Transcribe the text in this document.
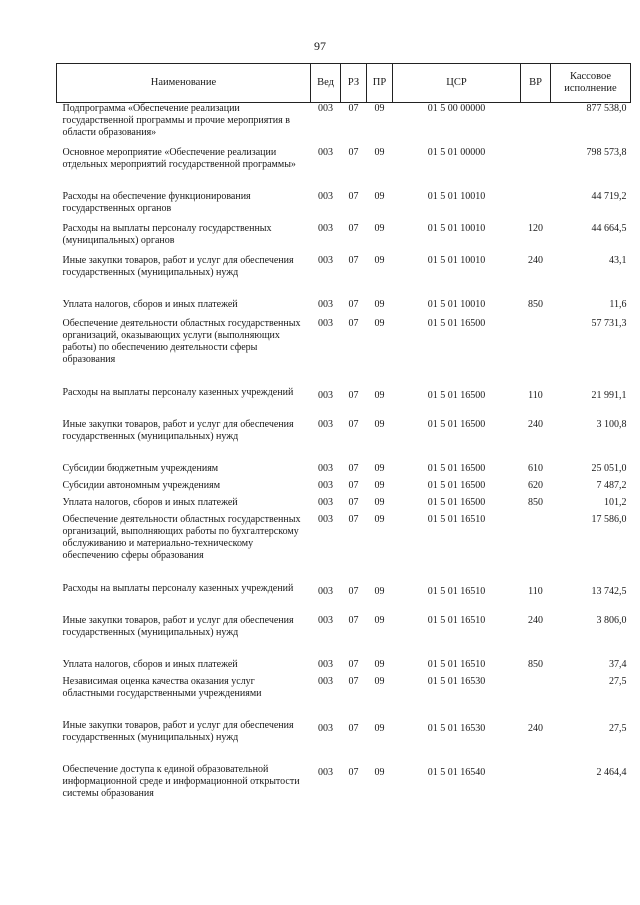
97
Наименование	Вед	РЗ	ПР	ЦСР	ВР	Кассовое исполнение
Подпрограмма «Обеспечение реализации государственной программы и прочие мероприятия в области образования»	003	07	09	01 5 00 00000		877 538,0
Основное мероприятие «Обеспечение реализации отдельных мероприятий государственной программы»	003	07	09	01 5 01 00000		798 573,8
Расходы на обеспечение функционирования государственных органов	003	07	09	01 5 01 10010		44 719,2
Расходы на выплаты персоналу государственных (муниципальных) органов	003	07	09	01 5 01 10010	120	44 664,5
Иные закупки товаров, работ и услуг для обеспечения государственных (муниципальных) нужд	003	07	09	01 5 01 10010	240	43,1
Уплата налогов, сборов и иных платежей	003	07	09	01 5 01 10010	850	11,6
Обеспечение деятельности областных государственных организаций, оказывающих услуги (выполняющих работы) по обеспечению деятельности сферы образования	003	07	09	01 5 01 16500		57 731,3
Расходы на выплаты персоналу казенных учреждений	003	07	09	01 5 01 16500	110	21 991,1
Иные закупки товаров, работ и услуг для обеспечения государственных (муниципальных) нужд	003	07	09	01 5 01 16500	240	3 100,8
Субсидии бюджетным учреждениям	003	07	09	01 5 01 16500	610	25 051,0
Субсидии автономным учреждениям	003	07	09	01 5 01 16500	620	7 487,2
Уплата налогов, сборов и иных платежей	003	07	09	01 5 01 16500	850	101,2
Обеспечение деятельности областных государственных организаций, выполняющих работы по бухгалтерскому обслуживанию и материально-техническому обеспечению сферы образования	003	07	09	01 5 01 16510		17 586,0
Расходы на выплаты персоналу казенных учреждений	003	07	09	01 5 01 16510	110	13 742,5
Иные закупки товаров, работ и услуг для обеспечения государственных (муниципальных) нужд	003	07	09	01 5 01 16510	240	3 806,0
Уплата налогов, сборов и иных платежей	003	07	09	01 5 01 16510	850	37,4
Независимая оценка качества оказания услуг областными государственными учреждениями	003	07	09	01 5 01 16530		27,5
Иные закупки товаров, работ и услуг для обеспечения государственных (муниципальных) нужд	003	07	09	01 5 01 16530	240	27,5
Обеспечение доступа к единой образовательной информационной среде и информационной открытости системы образования	003	07	09	01 5 01 16540		2 464,4
